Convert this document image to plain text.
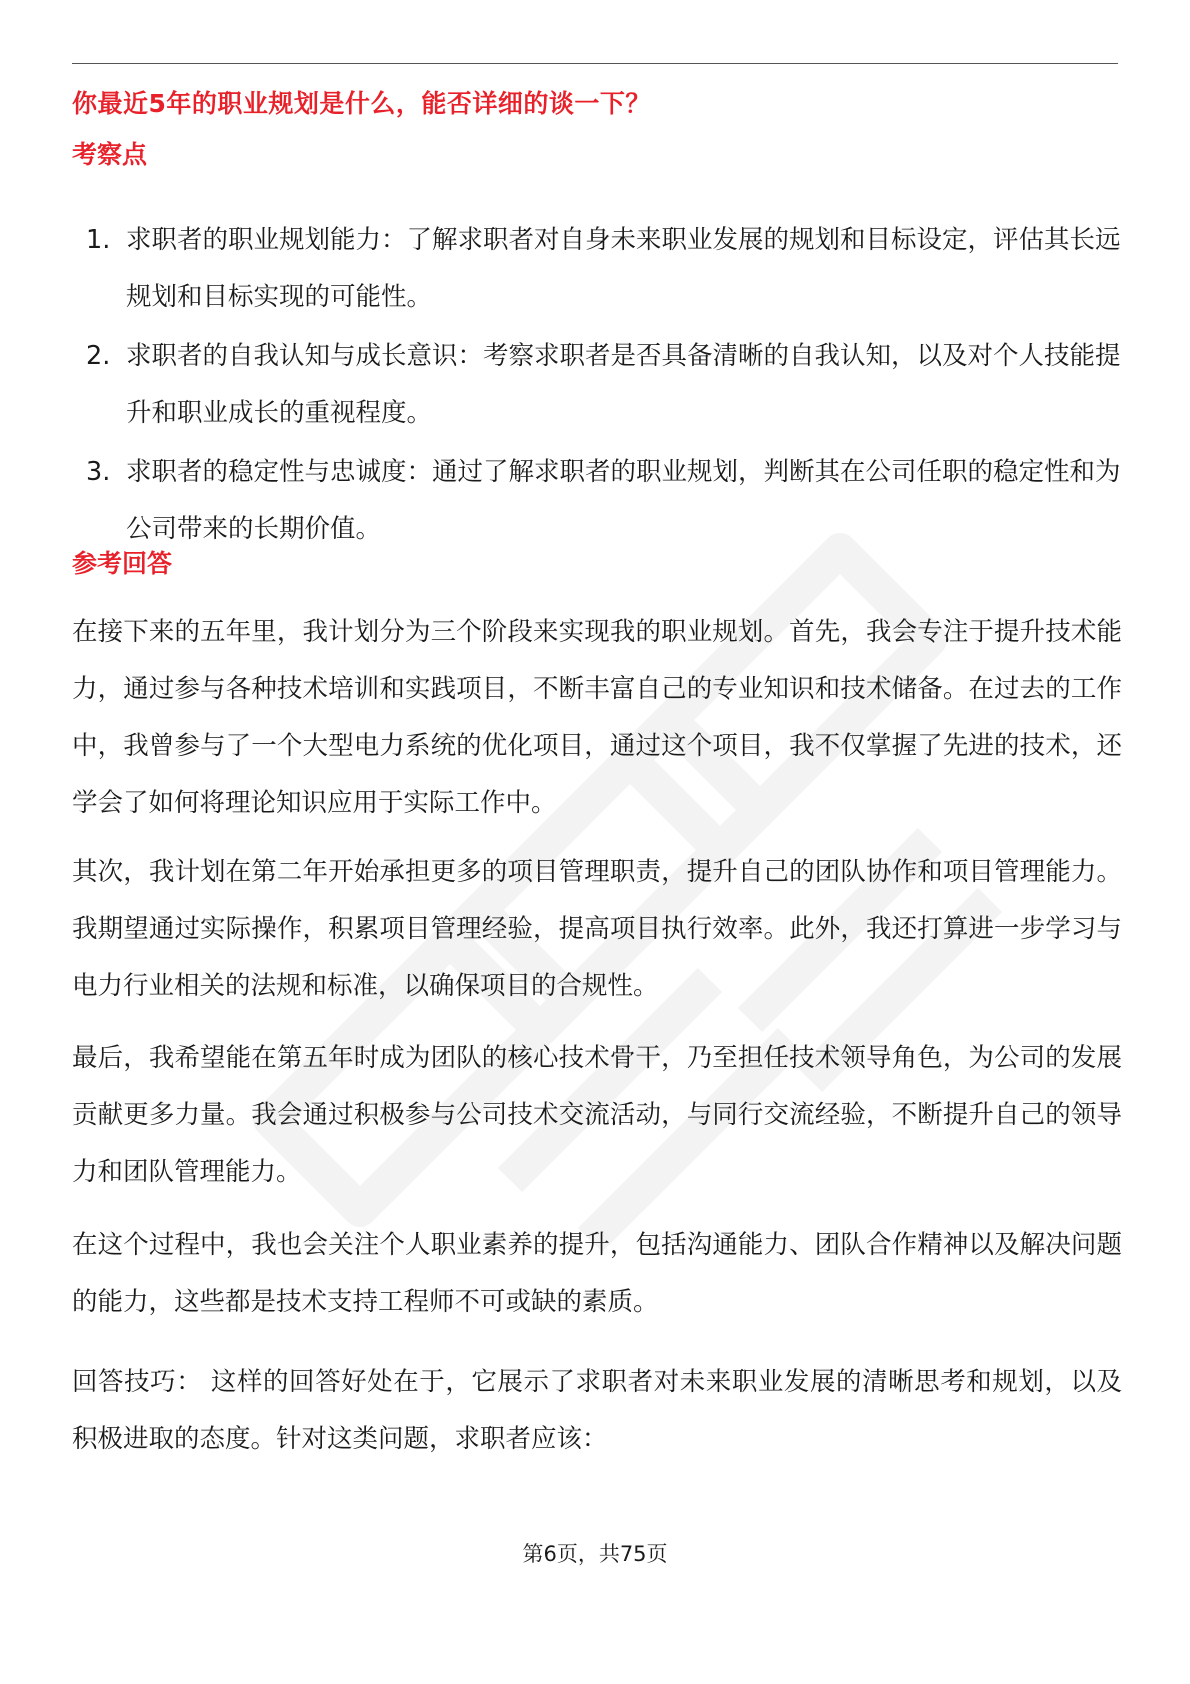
你最近5年的职业规划是什么，能否详细的谈一下？
考察点
1. 求职者的职业规划能力：了解求职者对自身未来职业发展的规划和目标设定，评估其长远规划和目标实现的可能性。
2. 求职者的自我认知与成长意识：考察求职者是否具备清晰的自我认知，以及对个人技能提升和职业成长的重视程度。
3. 求职者的稳定性与忠诚度：通过了解求职者的职业规划，判断其在公司任职的稳定性和为公司带来的长期价值。
参考回答

在接下来的五年里，我计划分为三个阶段来实现我的职业规划。首先，我会专注于提升技术能力，通过参与各种技术培训和实践项目，不断丰富自己的专业知识和技术储备。在过去的工作中，我曾参与了一个大型电力系统的优化项目，通过这个项目，我不仅掌握了先进的技术，还学会了如何将理论知识应用于实际工作中。

其次，我计划在第二年开始承担更多的项目管理职责，提升自己的团队协作和项目管理能力。我期望通过实际操作，积累项目管理经验，提高项目执行效率。此外，我还打算进一步学习与电力行业相关的法规和标准，以确保项目的合规性。

最后，我希望能在第五年时成为团队的核心技术骨干，乃至担任技术领导角色，为公司的发展贡献更多力量。我会通过积极参与公司技术交流活动，与同行交流经验，不断提升自己的领导力和团队管理能力。

在这个过程中，我也会关注个人职业素养的提升，包括沟通能力、团队合作精神以及解决问题的能力，这些都是技术支持工程师不可或缺的素质。

回答技巧： 这样的回答好处在于，它展示了求职者对未来职业发展的清晰思考和规划，以及积极进取的态度。针对这类问题，求职者应该：

第6页，共75页
